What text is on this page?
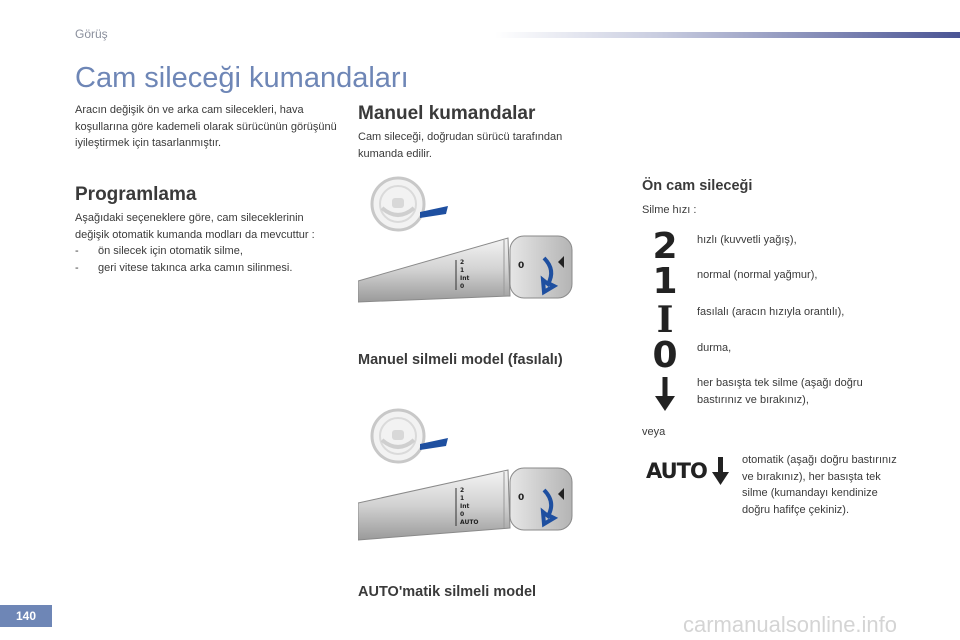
Görüş
Cam sileceği kumandaları
Aracın değişik ön ve arka cam silecekleri, hava koşullarına göre kademeli olarak sürücünün görüşünü iyileştirmek için tasarlanmıştır.
Programlama
Aşağıdaki seçeneklere göre, cam sileceklerinin değişik otomatik kumanda modları da mevcuttur :
- ön silecek için otomatik silme,
- geri vitese takınca arka camın silinmesi.
Manuel kumandalar
Cam sileceği, doğrudan sürücü tarafından kumanda edilir.
2
1
Int
0
0
Manuel silmeli model (fasılalı)
2
1
Int
0
AUTO
0
AUTO'matik silmeli model
Ön cam sileceği
Silme hızı :
2 hızlı (kuvvetli yağış),
1 normal (normal yağmur),
I	fasılalı (aracın hızıyla orantılı),
0 durma,
her basışta tek silme (aşağı doğru bastırınız ve bırakınız),
veya
AUTO	otomatik (aşağı doğru bastırınız ve bırakınız), her basışta tek silme (kumandayı kendinize doğru hafifçe çekiniz).
140	carmanualsonline.info
